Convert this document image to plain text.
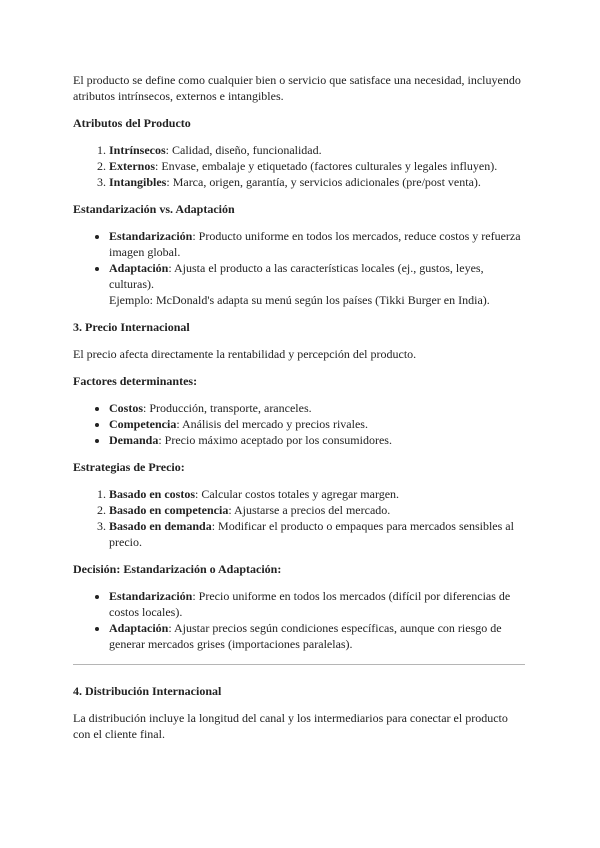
El producto se define como cualquier bien o servicio que satisface una necesidad, incluyendo atributos intrínsecos, externos e intangibles.

Atributos del Producto

1. Intrínsecos: Calidad, diseño, funcionalidad.
2. Externos: Envase, embalaje y etiquetado (factores culturales y legales influyen).
3. Intangibles: Marca, origen, garantía, y servicios adicionales (pre/post venta).

Estandarización vs. Adaptación

• Estandarización: Producto uniforme en todos los mercados, reduce costos y refuerza imagen global.
• Adaptación: Ajusta el producto a las características locales (ej., gustos, leyes, culturas).
Ejemplo: McDonald's adapta su menú según los países (Tikki Burger en India).

3. Precio Internacional

El precio afecta directamente la rentabilidad y percepción del producto.

Factores determinantes:

• Costos: Producción, transporte, aranceles.
• Competencia: Análisis del mercado y precios rivales.
• Demanda: Precio máximo aceptado por los consumidores.

Estrategias de Precio:

1. Basado en costos: Calcular costos totales y agregar margen.
2. Basado en competencia: Ajustarse a precios del mercado.
3. Basado en demanda: Modificar el producto o empaques para mercados sensibles al precio.

Decisión: Estandarización o Adaptación:

• Estandarización: Precio uniforme en todos los mercados (difícil por diferencias de costos locales).
• Adaptación: Ajustar precios según condiciones específicas, aunque con riesgo de generar mercados grises (importaciones paralelas).

4. Distribución Internacional

La distribución incluye la longitud del canal y los intermediarios para conectar el producto con el cliente final.
